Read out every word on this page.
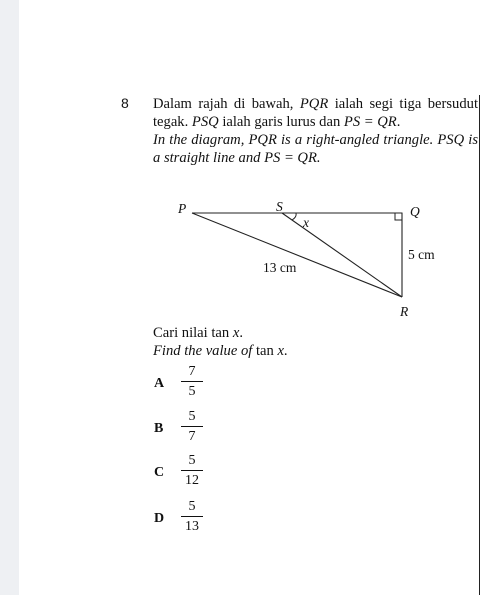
8 Dalam rajah di bawah, PQR ialah segi tiga bersudut tegak. PSQ ialah garis lurus dan PS = QR.

In the diagram, PQR is a right-angled triangle. PSQ is a straight line and PS = QR.

P	S	Q
R
x
13 cm
5 cm

Cari nilai tan x.

Find the value of tan x.

A
7
5
B
5
7
C
5
12
D
5
13
